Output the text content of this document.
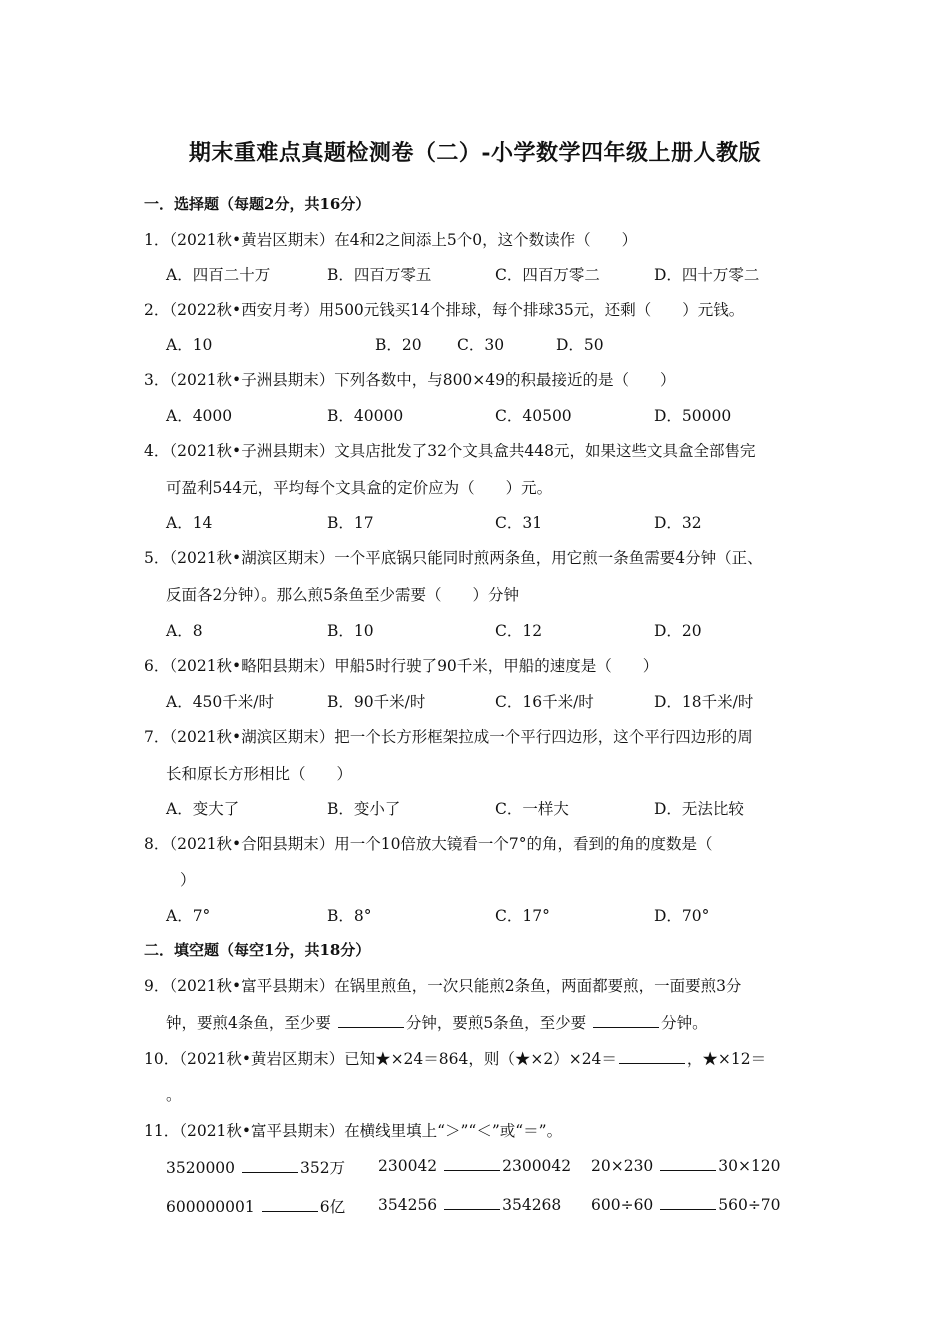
期末重难点真题检测卷（二）-小学数学四年级上册人教版
一．选择题（每题2分，共16分）
1．（2021秋•黄岩区期末）在4和2之间添上5个0，这个数读作（　　）
A．四百二十万	B．四百万零五	C．四百万零二	D．四十万零二
2．（2022秋•西安月考）用500元钱买14个排球，每个排球35元，还剩（　　）元钱。
A．10	B．20 C．30	D．50
3．（2021秋•子洲县期末）下列各数中，与800×49的积最接近的是（　　）
A．4000	B．40000	C．40500	D．50000
4．（2021秋•子洲县期末）文具店批发了32个文具盒共448元，如果这些文具盒全部售完
可盈利544元，平均每个文具盒的定价应为（　　）元。
A．14	B．17	C．31	D．32
5．（2021秋•湖滨区期末）一个平底锅只能同时煎两条鱼，用它煎一条鱼需要4分钟（正、
反面各2分钟）。那么煎5条鱼至少需要（　　）分钟
A．8	B．10	C．12	D．20
6．（2021秋•略阳县期末）甲船5时行驶了90千米，甲船的速度是（　　）
A．450千米/时	B．90千米/时	C．16千米/时	D．18千米/时
7．（2021秋•湖滨区期末）把一个长方形框架拉成一个平行四边形，这个平行四边形的周
长和原长方形相比（　　）
A．变大了	B．变小了	C．一样大	D．无法比较
8．（2021秋•合阳县期末）用一个10倍放大镜看一个7°的角，看到的角的度数是（
）
A．7°	B．8°	C．17°	D．70°
二．填空题（每空1分，共18分）
9．（2021秋•富平县期末）在锅里煎鱼，一次只能煎2条鱼，两面都要煎，一面要煎3分
钟，要煎4条鱼，至少要	分钟，要煎5条鱼，至少要	分钟。
10．（2021秋•黄岩区期末）已知★×24＝864，则（★×2）×24＝	，★×12＝
。
11．（2021秋•富平县期末）在横线里填上“＞”“＜”或“＝”。
3520000	352万 230042	2300042 20×230	30×120
600000001	6亿 354256	354268 600÷60	560÷70
